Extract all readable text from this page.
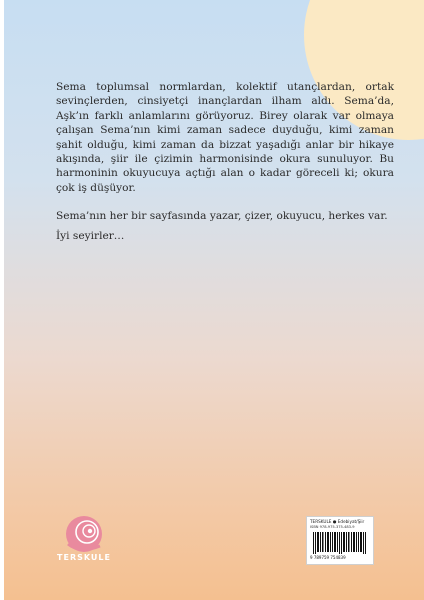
Sema toplumsal normlardan, kolektif utançlardan, ortak sevinçlerden, cinsiyetçi inançlardan ilham aldı. Sema’da, Aşk’ın farklı anlamlarını görüyoruz. Birey olarak var olmaya çalışan Sema’nın kimi zaman sadece duyduğu, kimi zaman şahit olduğu, kimi zaman da bizzat yaşadığı anlar bir hikaye akışında, şiir ile çizimin harmonisinde okura sunuluyor. Bu harmoninin okuyucuya açtığı alan o kadar göreceli ki; okura çok iş düşüyor.

Sema’nın her bir sayfasında yazar, çizer, okuyucu, herkes var.

İyi seyirler…

TERSKULE
TERSKULE ● Edebiyat/Şiir
ISBN 978-975-375-483-9
9 789759 754839
